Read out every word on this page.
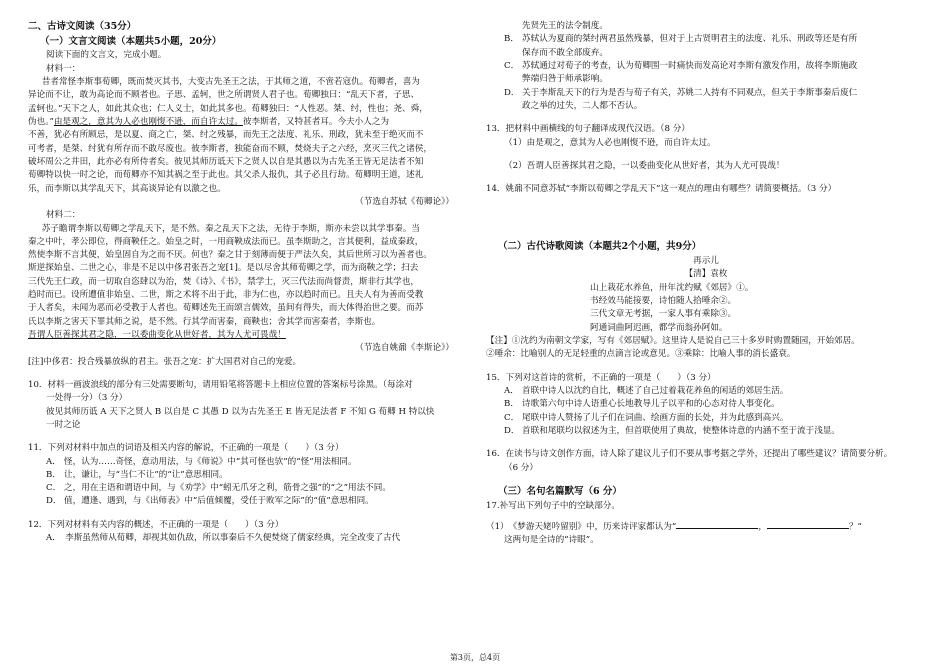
二、古诗文阅读（35分）

（一）文言文阅读（本题共5小题，20分）

阅读下面的文言文，完成小题。

材料一：

昔者常怪李斯事荀卿，既而焚灭其书，大变古先圣王之法，于其师之道，不啻若寇仇。荀卿者，喜为

异论而不让，敢为高论而不顾者也。子思、孟轲，世之所谓贤人君子也。荀卿独曰：“乱天下者，子思、

孟轲也。”天下之人，如此其众也；仁人义士，如此其多也。荀卿独曰：“人性恶。桀、纣，性也；尧、舜，

伪也。”由是观之，意其为人必也刚愎不逊，而自许太过。彼李斯者，又特甚者耳。今夫小人之为

不善，犹必有所顾忌，是以夏、商之亡，桀、纣之残暴，而先王之法度、礼乐、刑政，犹未至于绝灭而不

可考者，是桀、纣犹有所存而不敢尽废也。彼李斯者，独能奋而不顾，焚烧夫子之六经，烹灭三代之诸侯，

破坏周公之井田，此亦必有所侍者矣。彼见其师历诋天下之贤人以自是其愚以为古先圣王皆无足法者不知

荀卿特以快一时之论，而荀卿亦不知其祸之至于此也。其父杀人报仇，其子必且行劫。荀卿明王道，述礼

乐，而李斯以其学乱天下，其高谈异论有以激之也。

（节选自苏轼《荀卿论》）

材料二：

苏子瞻谓李斯以荀卿之学乱天下，是不然。秦之乱天下之法，无待于李斯，斯亦未尝以其学事秦。当

秦之中叶，孝公即位，得商鞅任之。始皇之时，一用商鞅成法而已。虽李斯助之，言其便利，益成秦政，

然使李斯不言其便，始皇固自为之而不厌。何也？秦之甘于刻薄而便于严法久矣，其后世所习以为善者也。

斯逆探始皇、二世之心，非是不足以中侈君张吾之宠[1]。是以尽舍其师荀卿之学，而为商鞅之学；扫去

三代先王仁政，而一切取自恣肆以为治，焚《诗》、《书》，禁学士，灭三代法而尚督责，斯非行其学也，

趋时而已。设所遭值非始皇、二世，斯之术将不出于此，非为仁也，亦以趋时而已。且夫人有为善而受教

于人者矣，未闻为恶而必受教于人者也。荀卿述先王而颂言儒效，虽间有得失，而大体得治世之要。而苏

氏以李斯之害天下罪其师之说，是不然。行其学而害秦，商鞅也；舍其学而害秦者，李斯也。

吾谓人臣善探其君之隐，一以委曲变化从世好者，其为人尤可畏哉！

（节选自姚鼐《李斯论》）

[注]中侈君：投合残暴放纵的君主。张吾之宠：扩大国君对自己的宠爱。

10．材料一画波浪线的部分有三处需要断句，请用铅笔将答题卡上相应位置的答案标号涂黑。（每涂对

一处得一分）（3 分）

彼见其师历诋 A 天下之贤人 B 以自是 C 其愚 D 以为古先圣王 E 皆无足法者 F 不知 G 荀卿 H 特以快

一时之论

11．下列对材料中加点的词语及相关内容的解说，不正确的一项是（　　）（3 分）

A． 怪，认为……奇怪，意动用法，与《师说》中“其可怪也欤”的“怪”用法相同。

B． 让，谦让，与“当仁不让”的“让”意思相同。

C． 之，用在主语和谓语中间，与《劝学》中“蚓无爪牙之利，筋骨之强”的“之”用法不同。

D． 值，遭逢、遇到，与《出师表》中“后值倾覆，受任于败军之际”的“值”意思相同。

12．下列对材料有关内容的概述，不正确的一项是（　　）（3 分）

A．　李斯虽然师从荀卿，却视其如仇敌，所以事秦后不久便焚烧了儒家经典，完全改变了古代

先贤先王的法令制度。

B． 苏轼认为夏商的桀纣两君虽然残暴，但对于上古贤明君主的法度、礼乐、刑政等还是有所

保存而不敢全部废弃。

C． 苏轼通过对荀子的考查，认为荀卿围一时痛快而发高论对李斯有激发作用，故将李斯施政

弊端归咎于师承影响。

D． 关于李斯乱天下的行为是否与荀子有关，苏姚二人持有不同观点，但关于李斯事秦后废仁

政之举的过失，二人都不否认。

13．把材料中画横线的句子翻译成现代汉语。（8 分）

（1）由是观之，意其为人必也刚愎不逊，而自许太过。

（2）吾谓人臣善探其君之隐，一以委曲变化从世好者，其为人尤可畏哉！

14．姚鼐不同意苏轼“李斯以荀卿之学乱天下”这一观点的理由有哪些？请简要概括。（3 分）

（二）古代诗歌阅读（本题共2个小题，共9分）

再示儿

【清】袁枚

山上栽花水养鱼，卅年沈约赋《郊居》①。

书经效马能接要，诗怕随人拾唾余②。

三代文章无考据，一家人事有乘除③。

阿通词曲阿迟画，都学而翁孙阿如。

【注】①沈约为南朝文学家，写有《郊居赋》。这里诗人是说自己三十多岁时购置随园，开始郊居。

②唾余：比喻别人的无足轻重的点滴言论或意见。③乘除：比喻人事的消长盛衰。

15．下列对这首诗的赏析，不正确的一项是（　　）（3 分）

A． 首联中诗人以沈约自比，概述了自己过着栽花养鱼的闲适的郊居生活。

B． 诗歌第六句中诗人语重心长地教导儿子以平和的心态对待人事变化。

C． 尾联中诗人赞扬了儿子们在词曲、绘画方面的长处，并为此感到高兴。

D． 首联和尾联均以叙述为主，但首联使用了典故，使整体诗意的内涵不至于流于浅显。

16．在读书与诗文创作方面，诗人除了建议儿子们不要从事考据之学外，还提出了哪些建议？请简要分析。

（6 分）

（三）名句名篇默写（6 分）

17.补写出下列句子中的空缺部分。

（1）　《梦游天姥吟留别》中，历来诗评家都认为“	，	？”

这两句是全诗的“诗眼”。

第3页，总4页
